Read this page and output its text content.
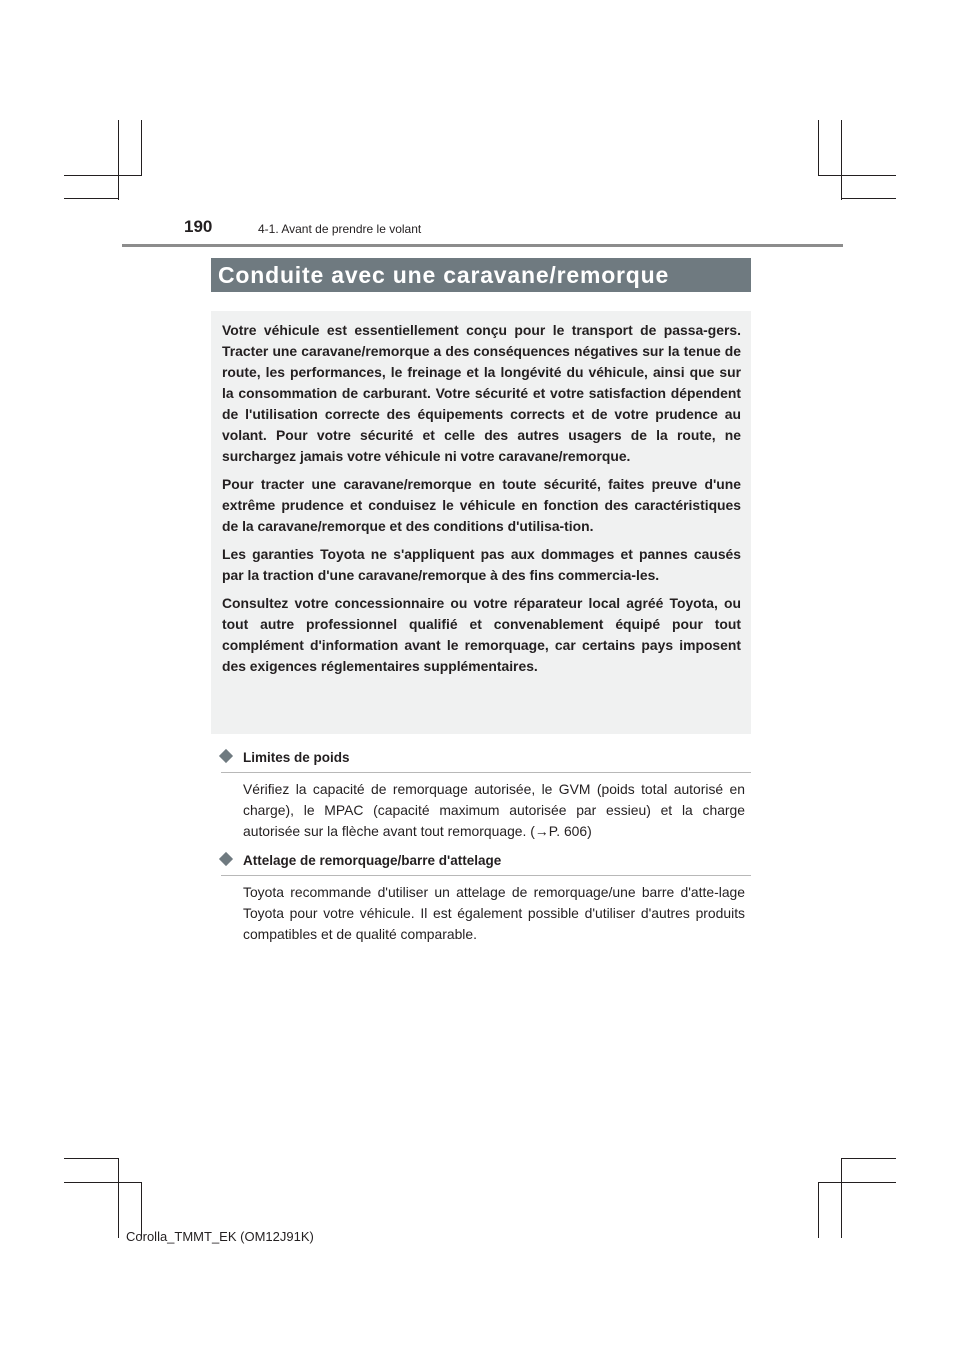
190	4-1. Avant de prendre le volant
Conduite avec une caravane/remorque

Votre véhicule est essentiellement conçu pour le transport de passa-gers. Tracter une caravane/remorque a des conséquences négatives sur la tenue de route, les performances, le freinage et la longévité du véhicule, ainsi que sur la consommation de carburant. Votre sécurité et votre satisfaction dépendent de l'utilisation correcte des équipements corrects et de votre prudence au volant. Pour votre sécurité et celle des autres usagers de la route, ne surchargez jamais votre véhicule ni votre caravane/remorque.

Pour tracter une caravane/remorque en toute sécurité, faites preuve d'une extrême prudence et conduisez le véhicule en fonction des caractéristiques de la caravane/remorque et des conditions d'utilisa-tion.

Les garanties Toyota ne s'appliquent pas aux dommages et pannes causés par la traction d'une caravane/remorque à des fins commercia-les.

Consultez votre concessionnaire ou votre réparateur local agréé Toyota, ou tout autre professionnel qualifié et convenablement équipé pour tout complément d'information avant le remorquage, car certains pays imposent des exigences réglementaires supplémentaires.

Limites de poids

Vérifiez la capacité de remorquage autorisée, le GVM (poids total autorisé en charge), le MPAC (capacité maximum autorisée par essieu) et la charge autorisée sur la flèche avant tout remorquage. (→P. 606)

Attelage de remorquage/barre d'attelage

Toyota recommande d'utiliser un attelage de remorquage/une barre d'atte-lage Toyota pour votre véhicule. Il est également possible d'utiliser d'autres produits compatibles et de qualité comparable.

Corolla_TMMT_EK (OM12J91K)
